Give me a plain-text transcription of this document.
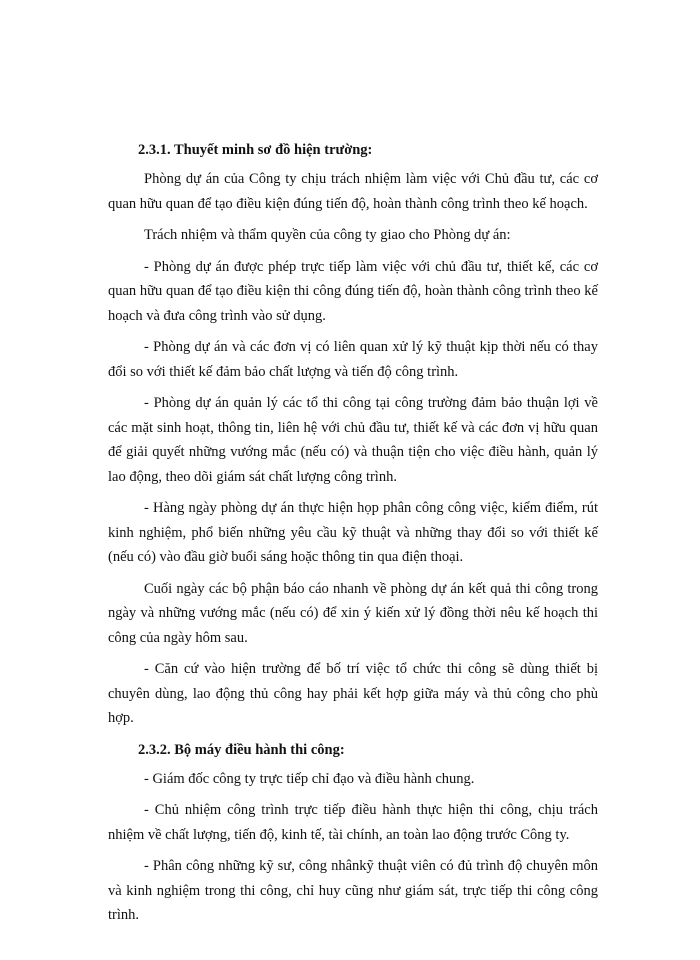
2.3.1. Thuyết minh sơ đồ hiện trường:

Phòng dự án của Công ty chịu trách nhiệm làm việc với Chủ đầu tư, các cơ quan hữu quan để tạo điều kiện đúng tiến độ, hoàn thành công trình theo kế hoạch.

Trách nhiệm và thẩm quyền của công ty giao cho Phòng dự án:

- Phòng dự án được phép trực tiếp làm việc với chủ đầu tư, thiết kế, các cơ quan hữu quan để tạo điều kiện thi công đúng tiến độ, hoàn thành công trình theo kế hoạch và đưa công trình vào sử dụng.

- Phòng dự án và các đơn vị có liên quan xử lý kỹ thuật kịp thời nếu có thay đổi so với thiết kế đảm bảo chất lượng và tiến độ công trình.

- Phòng dự án quản lý các tổ thi công tại công trường đảm bảo thuận lợi về các mặt sinh hoạt, thông tin, liên hệ với chủ đầu tư, thiết kế và các đơn vị hữu quan để giải quyết những vướng mắc (nếu có) và thuận tiện cho việc điều hành, quản lý lao động, theo dõi giám sát chất lượng công trình.

- Hàng ngày phòng dự án thực hiện họp phân công công việc, kiểm điểm, rút kinh nghiệm, phổ biến những yêu cầu kỹ thuật và những thay đổi so với thiết kế (nếu có) vào đầu giờ buổi sáng hoặc thông tin qua điện thoại.

Cuối ngày các bộ phận báo cáo nhanh về phòng dự án kết quả thi công trong ngày và những vướng mắc (nếu có) để xin ý kiến xử lý đồng thời nêu kế hoạch thi công của ngày hôm sau.

- Căn cứ vào hiện trường để bố trí việc tổ chức thi công sẽ dùng thiết bị chuyên dùng, lao động thủ công hay phải kết hợp giữa máy và thủ công cho phù hợp.

2.3.2. Bộ máy điều hành thi công:

- Giám đốc công ty trực tiếp chỉ đạo và điều hành chung.

- Chủ nhiệm công trình trực tiếp điều hành thực hiện thi công, chịu trách nhiệm về chất lượng, tiến độ, kinh tế, tài chính, an toàn lao động trước Công ty.

- Phân công những kỹ sư, công nhânkỹ thuật viên có đủ trình độ chuyên môn và kinh nghiệm trong thi công, chỉ huy cũng như giám sát, trực tiếp thi công công trình.
